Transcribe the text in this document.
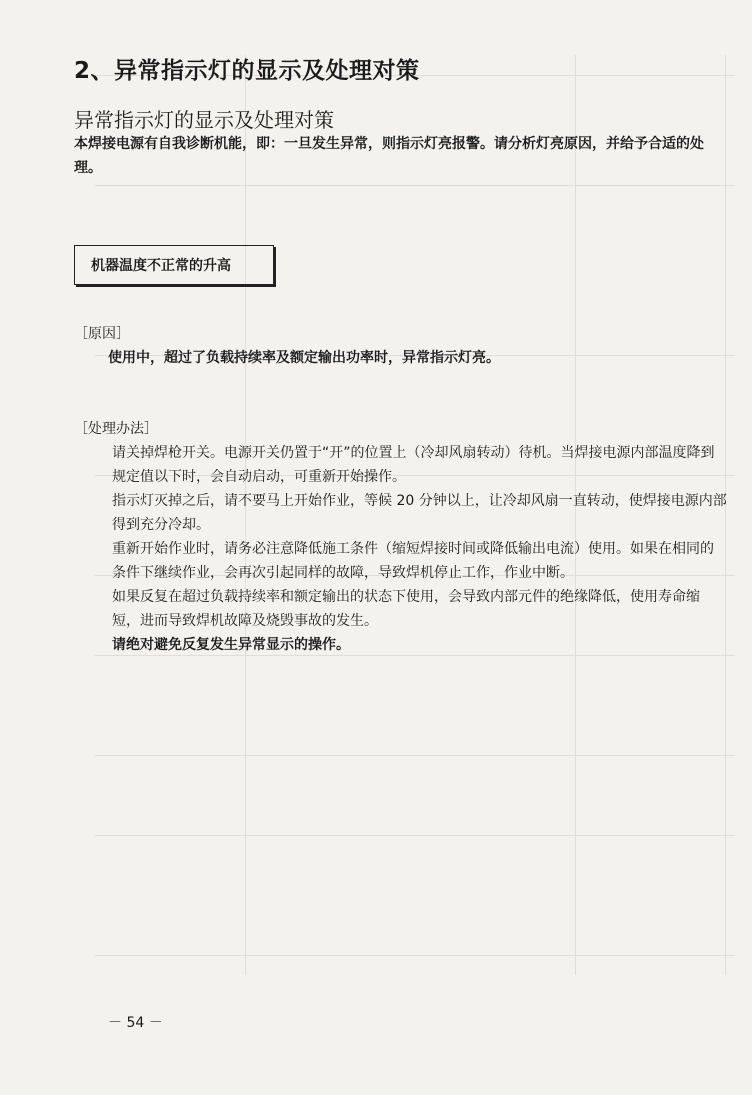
2、异常指示灯的显示及处理对策
异常指示灯的显示及处理对策
本焊接电源有自我诊断机能，即：一旦发生异常，则指示灯亮报警。请分析灯亮原因，并给予合适的处理。
机器温度不正常的升高
［原因］
使用中，超过了负载持续率及额定输出功率时，异常指示灯亮。
［处理办法］

请关掉焊枪开关。电源开关仍置于“开”的位置上（冷却风扇转动）待机。当焊接电源内部温度降到规定值以下时，会自动启动，可重新开始操作。

指示灯灭掉之后，请不要马上开始作业，等候 20 分钟以上，让冷却风扇一直转动，使焊接电源内部得到充分冷却。

重新开始作业时，请务必注意降低施工条件（缩短焊接时间或降低输出电流）使用。如果在相同的条件下继续作业，会再次引起同样的故障，导致焊机停止工作，作业中断。

如果反复在超过负载持续率和额定输出的状态下使用，会导致内部元件的绝缘降低，使用寿命缩短，进而导致焊机故障及烧毁事故的发生。

请绝对避免反复发生异常显示的操作。

－ 54 －
